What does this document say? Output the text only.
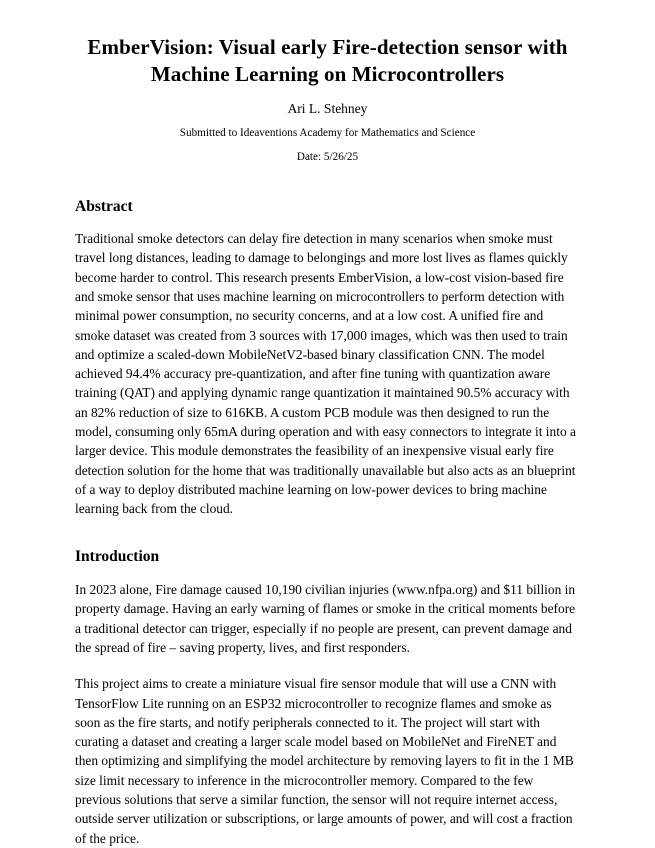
EmberVision: Visual early Fire-detection sensor with
Machine Learning on Microcontrollers

Ari L. Stehney

Submitted to Ideaventions Academy for Mathematics and Science

Date: 5/26/25

Abstract

Traditional smoke detectors can delay fire detection in many scenarios when smoke must travel long distances, leading to damage to belongings and more lost lives as flames quickly become harder to control. This research presents EmberVision, a low-cost vision-based fire and smoke sensor that uses machine learning on microcontrollers to perform detection with minimal power consumption, no security concerns, and at a low cost. A unified fire and smoke dataset was created from 3 sources with 17,000 images, which was then used to train and optimize a scaled-down MobileNetV2-based binary classification CNN. The model achieved 94.4% accuracy pre-quantization, and after fine tuning with quantization aware training (QAT) and applying dynamic range quantization it maintained 90.5% accuracy with an 82% reduction of size to 616KB. A custom PCB module was then designed to run the model, consuming only 65mA during operation and with easy connectors to integrate it into a larger device. This module demonstrates the feasibility of an inexpensive visual early fire detection solution for the home that was traditionally unavailable but also acts as an blueprint of a way to deploy distributed machine learning on low-power devices to bring machine learning back from the cloud.

Introduction

In 2023 alone, Fire damage caused 10,190 civilian injuries (www.nfpa.org) and $11 billion in property damage. Having an early warning of flames or smoke in the critical moments before a traditional detector can trigger, especially if no people are present, can prevent damage and the spread of fire – saving property, lives, and first responders.

This project aims to create a miniature visual fire sensor module that will use a CNN with TensorFlow Lite running on an ESP32 microcontroller to recognize flames and smoke as soon as the fire starts, and notify peripherals connected to it. The project will start with curating a dataset and creating a larger scale model based on MobileNet and FireNET and then optimizing and simplifying the model architecture by removing layers to fit in the 1 MB size limit necessary to inference in the microcontroller memory. Compared to the few previous solutions that serve a similar function, the sensor will not require internet access, outside server utilization or subscriptions, or large amounts of power, and will cost a fraction of the price.
